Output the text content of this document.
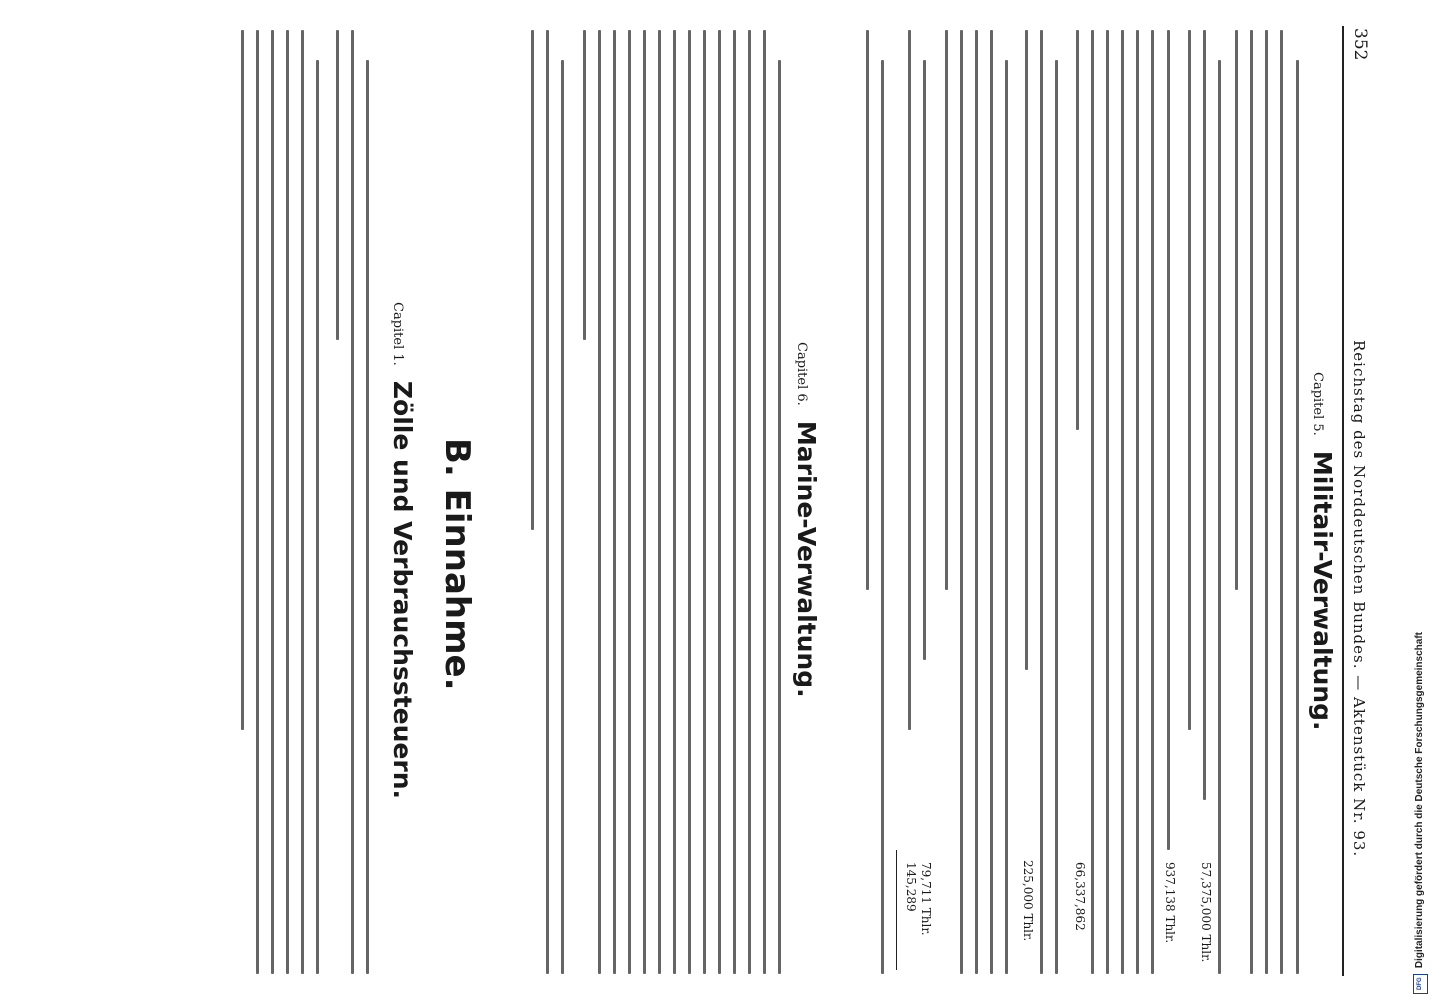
352
Reichstag des Norddeutschen Bundes. — Aktenstück Nr. 93.
Capitel 5. Militair-Verwaltung.
57,375,000 Thlr.
937,138 Thlr.
66,337,862
225,000 Thlr.
79,711 Thlr.
145,289
Capitel 6. Marine-Verwaltung.
B. Einnahme.
Capitel 1. Zölle und Verbrauchssteuern.
Digitalisierung gefördert durch die Deutsche Forschungsgemeinschaft
DFG
